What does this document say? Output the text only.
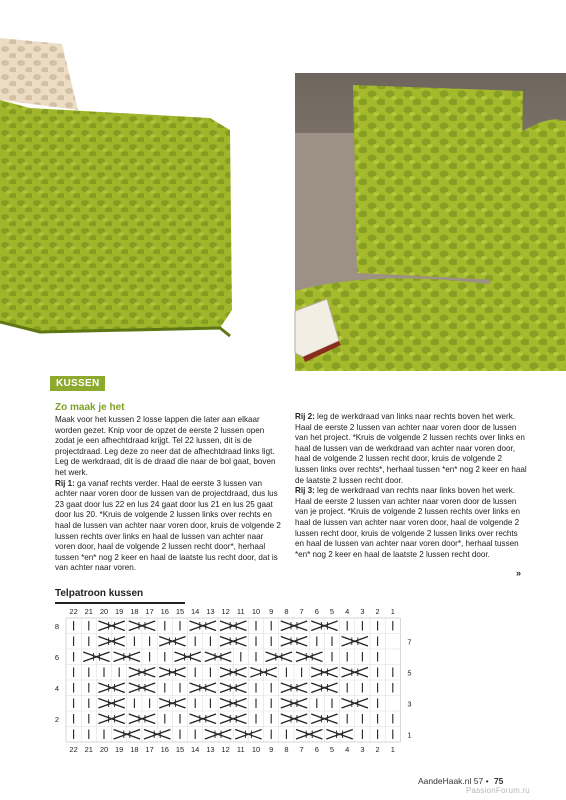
KUSSEN

Zo maak je het

Maak voor het kussen 2 losse lappen die later aan elkaar worden gezet. Knip voor de opzet de eerste 2 lussen open zodat je een afhechtdraad krijgt. Tel 22 lussen, dit is de projectdraad. Leg deze zo neer dat de afhechtdraad links ligt. Leg de werkdraad, dit is de draad die naar de bol gaat, boven het werk.

Rij 1: ga vanaf rechts verder. Haal de eerste 3 lussen van achter naar voren door de lussen van de projectdraad, dus lus 23 gaat door lus 22 en lus 24 gaat door lus 21 en lus 25 gaat door lus 20. *Kruis de volgende 2 lussen links over rechts en haal de lussen van achter naar voren door, kruis de volgende 2 lussen rechts over links en haal de lussen van achter naar voren door, haal de volgende 2 lussen recht door*, herhaal tussen *en* nog 2 keer en haal de laatste lus recht door, dat is van achter naar voren.

Rij 2: leg de werkdraad van links naar rechts boven het werk. Haal de eerste 2 lussen van achter naar voren door de lussen van het project. *Kruis de volgende 2 lussen rechts over links en haal de lussen van de werkdraad van achter naar voren door, haal de volgende 2 lussen recht door, kruis de volgende 2 lussen links over rechts*, herhaal tussen *en* nog 2 keer en haal de laatste 2 lussen recht door.

Rij 3: leg de werkdraad van rechts naar links boven het werk. Haal de eerste 2 lussen van achter naar voren door de lussen van je project. *Kruis de volgende 2 lussen rechts over links en haal de lussen van achter naar voren door, haal de volgende 2 lussen recht door, kruis de volgende 2 lussen links over rechts en haal de lussen van achter naar voren door*, herhaal tussen *en* nog 2 keer en haal de laatste 2 lussen recht door.

»
Telpatroon kussen
22
22
21
21
20
20
19
19
18
18
17
17
16
16
15
15
14
14
13
13
12
12
11
11
10
10
9
9
8
8
7
7
6
6
5
5
4
4
3
3
2
2
1
1
8
7
6
5
4
3
2
1
AandeHaak.nl 57 • 75
PassionForum.ru
